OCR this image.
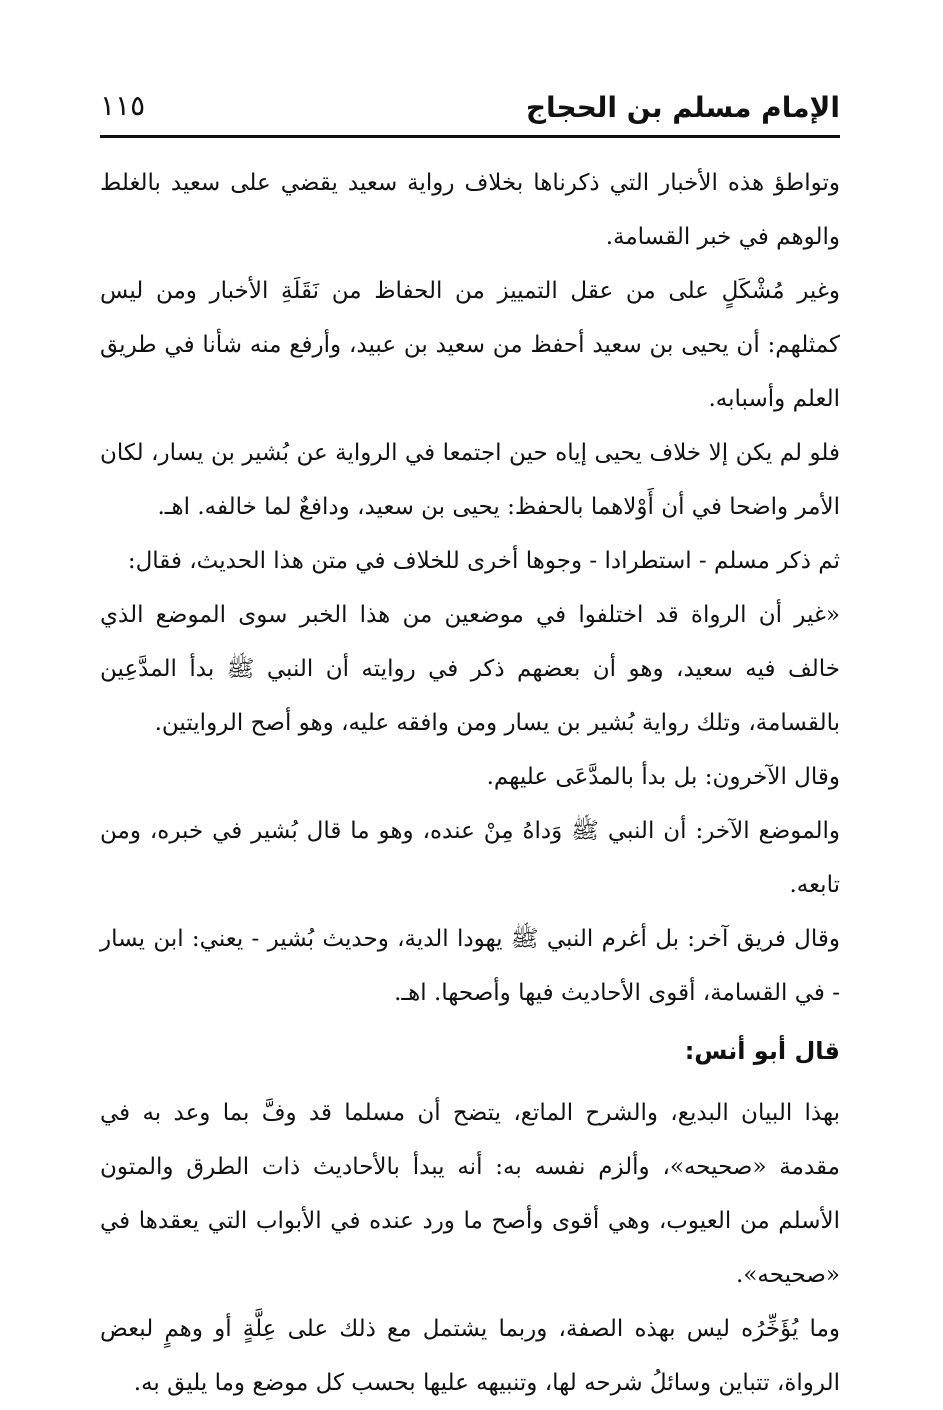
الإمام مسلم بن الحجاج
١١٥

وتواطؤ هذه الأخبار التي ذكرناها بخلاف رواية سعيد يقضي على سعيد بالغلط والوهم في خبر القسامة.

وغير مُشْكَلٍ على من عقل التمييز من الحفاظ من نَقَلَةِ الأخبار ومن ليس كمثلهم: أن يحيى بن سعيد أحفظ من سعيد بن عبيد، وأرفع منه شأنا في طريق العلم وأسبابه.

فلو لم يكن إلا خلاف يحيى إياه حين اجتمعا في الرواية عن بُشير بن يسار، لكان الأمر واضحا في أن أَوْلاهما بالحفظ: يحيى بن سعيد، ودافعٌ لما خالفه. اهـ.

ثم ذكر مسلم - استطرادا - وجوها أخرى للخلاف في متن هذا الحديث، فقال:

«غير أن الرواة قد اختلفوا في موضعين من هذا الخبر سوى الموضع الذي خالف فيه سعيد، وهو أن بعضهم ذكر في روايته أن النبي ﷺ بدأ المدَّعِين بالقسامة، وتلك رواية بُشير بن يسار ومن وافقه عليه، وهو أصح الروايتين.

وقال الآخرون: بل بدأ بالمدَّعَى عليهم.

والموضع الآخر: أن النبي ﷺ وَداهُ مِنْ عنده، وهو ما قال بُشير في خبره، ومن تابعه.

وقال فريق آخر: بل أغرم النبي ﷺ يهودا الدية، وحديث بُشير - يعني: ابن يسار - في القسامة، أقوى الأحاديث فيها وأصحها. اهـ.

قال أبو أنس:

بهذا البيان البديع، والشرح الماتع، يتضح أن مسلما قد وفَّ بما وعد به في مقدمة «صحيحه»، وألزم نفسه به: أنه يبدأ بالأحاديث ذات الطرق والمتون الأسلم من العيوب، وهي أقوى وأصح ما ورد عنده في الأبواب التي يعقدها في «صحيحه».

وما يُؤَخِّرُه ليس بهذه الصفة، وربما يشتمل مع ذلك على عِلَّةٍ أو وهمٍ لبعض الرواة، تتباين وسائلُ شرحه لها، وتنبيهه عليها بحسب كل موضع وما يليق به.
